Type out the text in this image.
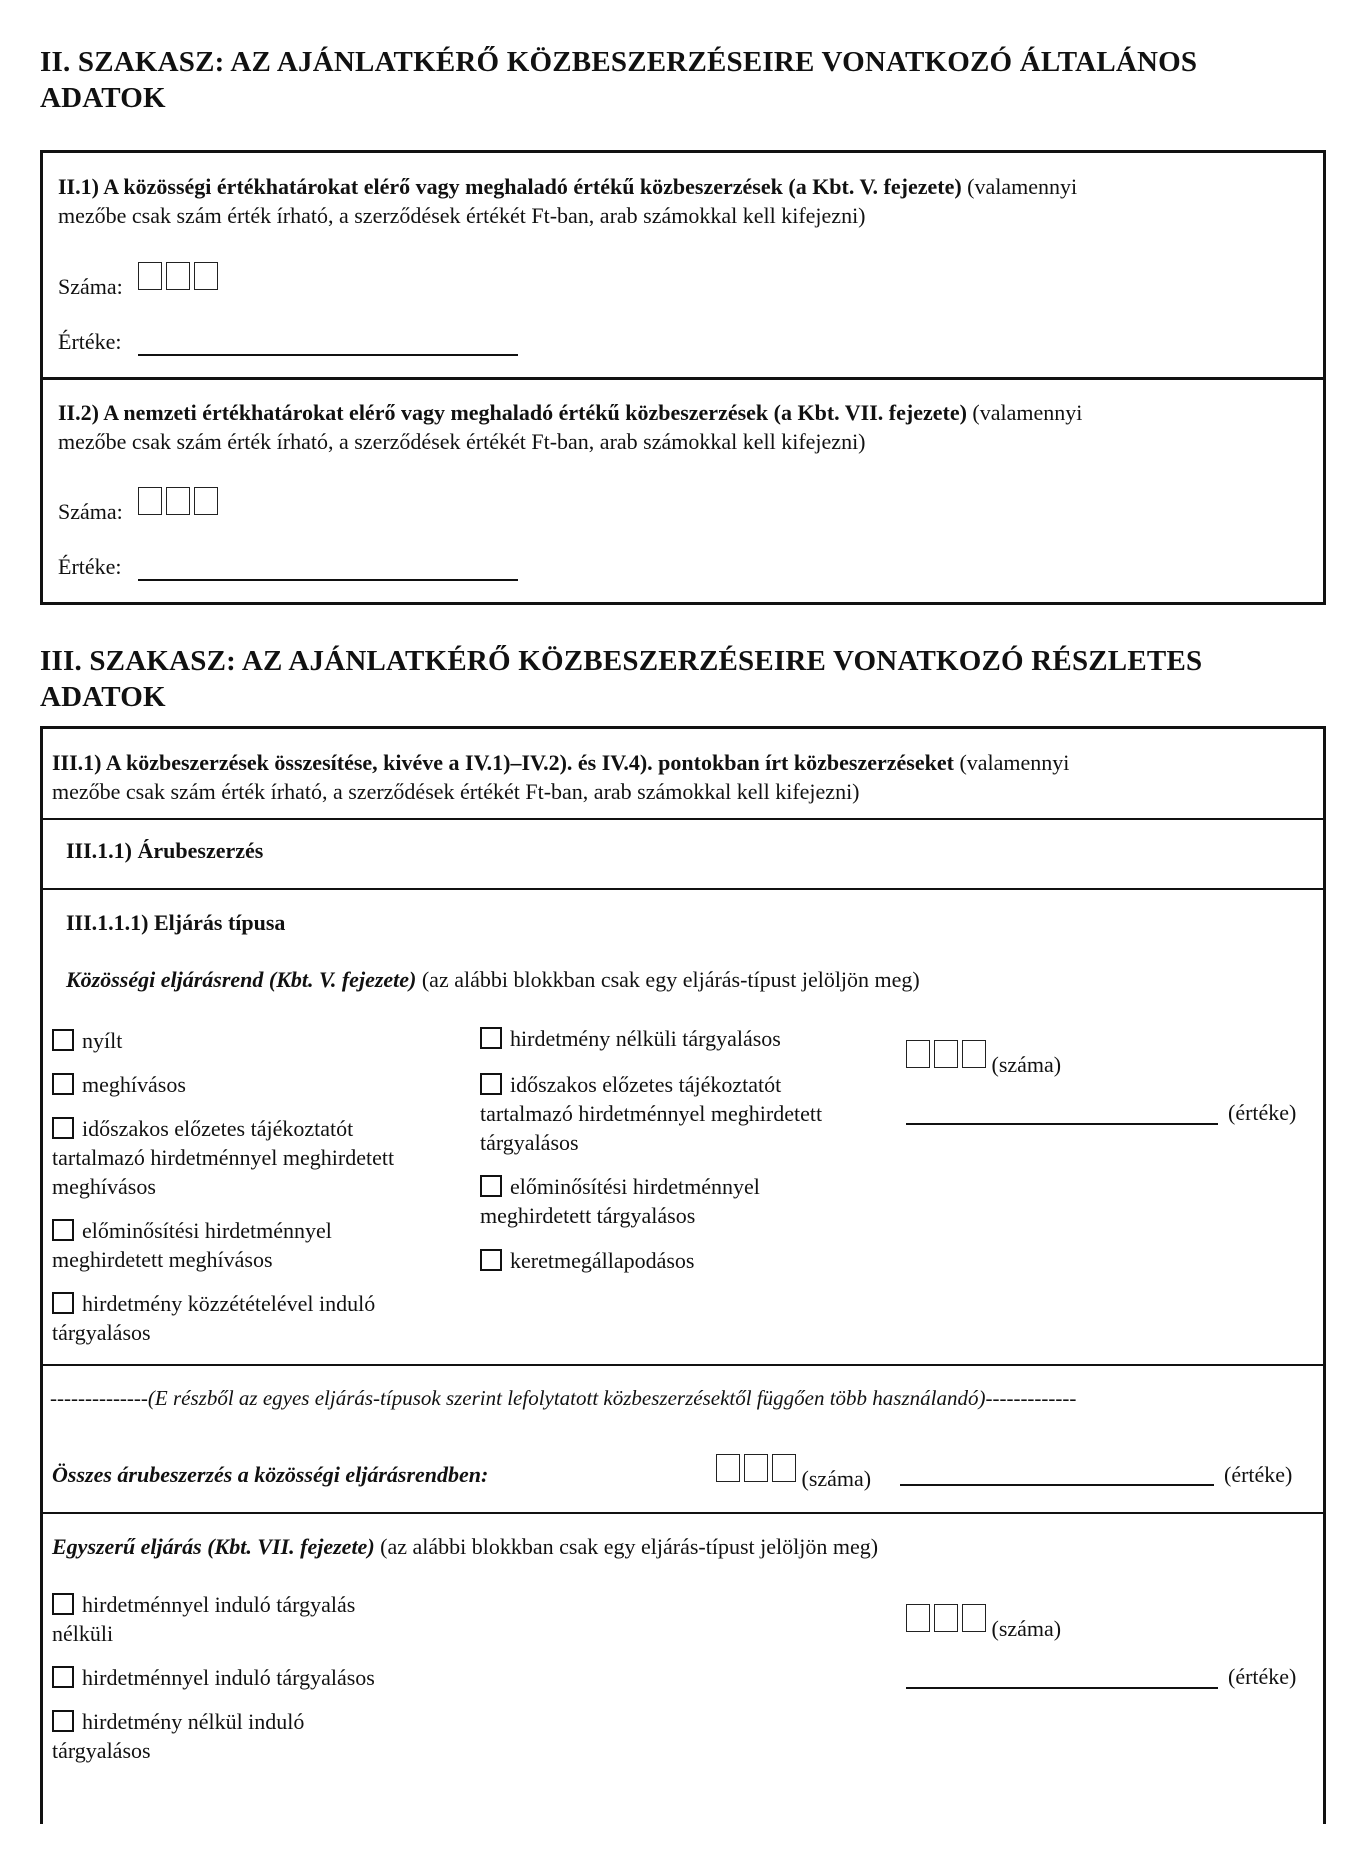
II. SZAKASZ: AZ AJÁNLATKÉRŐ KÖZBESZERZÉSEIRE VONATKOZÓ ÁLTALÁNOS
ADATOK
II.1) A közösségi értékhatárokat elérő vagy meghaladó értékű közbeszerzések (a Kbt. V. fejezete) (valamennyi
mezőbe csak szám érték írható, a szerződések értékét Ft-ban, arab számokkal kell kifejezni)
Száma:
Értéke:
II.2) A nemzeti értékhatárokat elérő vagy meghaladó értékű közbeszerzések (a Kbt. VII. fejezete) (valamennyi
mezőbe csak szám érték írható, a szerződések értékét Ft-ban, arab számokkal kell kifejezni)
Száma:
Értéke:
III. SZAKASZ: AZ AJÁNLATKÉRŐ KÖZBESZERZÉSEIRE VONATKOZÓ RÉSZLETES
ADATOK
III.1) A közbeszerzések összesítése, kivéve a IV.1)–IV.2). és IV.4). pontokban írt közbeszerzéseket (valamennyi
mezőbe csak szám érték írható, a szerződések értékét Ft-ban, arab számokkal kell kifejezni)
III.1.1) Árubeszerzés
III.1.1.1) Eljárás típusa
Közösségi eljárásrend (Kbt. V. fejezete) (az alábbi blokkban csak egy eljárás-típust jelöljön meg)
nyílt
meghívásos
időszakos előzetes tájékoztatót
tartalmazó hirdetménnyel meghirdetett
meghívásos
előminősítési hirdetménnyel
meghirdetett meghívásos
hirdetmény közzétételével induló
tárgyalásos
hirdetmény nélküli tárgyalásos
időszakos előzetes tájékoztatót
tartalmazó hirdetménnyel meghirdetett
tárgyalásos
előminősítési hirdetménnyel
meghirdetett tárgyalásos
keretmegállapodásos
(száma)
(értéke)
--------------(E részből az egyes eljárás-típusok szerint lefolytatott közbeszerzésektől függően több használandó)-------------
Összes árubeszerzés a közösségi eljárásrendben:	(száma)	(értéke)
Egyszerű eljárás (Kbt. VII. fejezete) (az alábbi blokkban csak egy eljárás-típust jelöljön meg)
hirdetménnyel induló tárgyalás
nélküli
hirdetménnyel induló tárgyalásos
hirdetmény nélkül induló
tárgyalásos
(száma)
(értéke)
